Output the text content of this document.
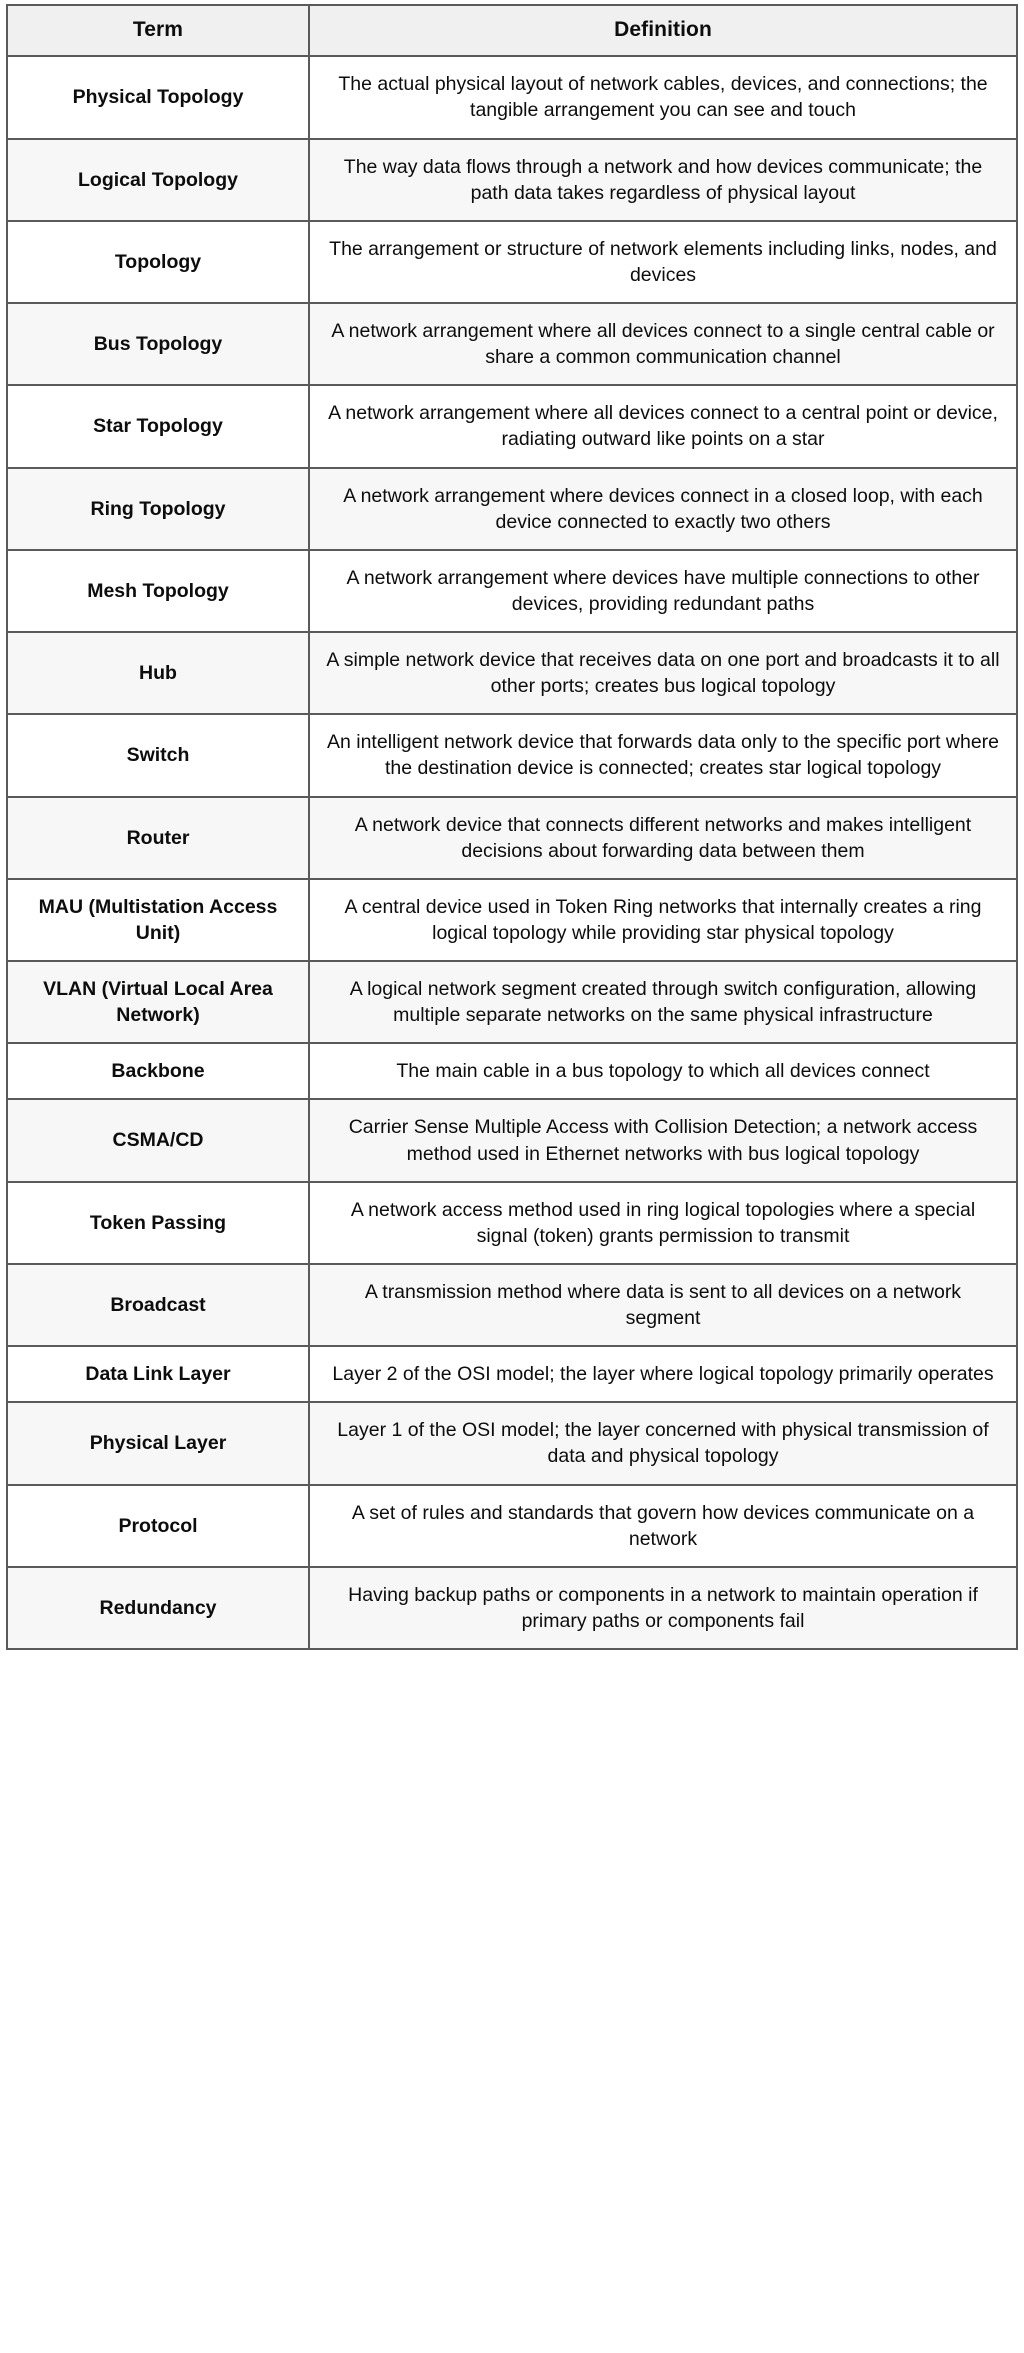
Term	Definition
Physical Topology	The actual physical layout of network cables, devices, and connections; the tangible arrangement you can see and touch
Logical Topology	The way data flows through a network and how devices communicate; the path data takes regardless of physical layout
Topology	The arrangement or structure of network elements including links, nodes, and devices
Bus Topology	A network arrangement where all devices connect to a single central cable or share a common communication channel
Star Topology	A network arrangement where all devices connect to a central point or device, radiating outward like points on a star
Ring Topology	A network arrangement where devices connect in a closed loop, with each device connected to exactly two others
Mesh Topology	A network arrangement where devices have multiple connections to other devices, providing redundant paths
Hub	A simple network device that receives data on one port and broadcasts it to all other ports; creates bus logical topology
Switch	An intelligent network device that forwards data only to the specific port where the destination device is connected; creates star logical topology
Router	A network device that connects different networks and makes intelligent decisions about forwarding data between them
MAU (Multistation Access Unit)	A central device used in Token Ring networks that internally creates a ring logical topology while providing star physical topology
VLAN (Virtual Local Area Network)	A logical network segment created through switch configuration, allowing multiple separate networks on the same physical infrastructure
Backbone	The main cable in a bus topology to which all devices connect
CSMA/CD	Carrier Sense Multiple Access with Collision Detection; a network access method used in Ethernet networks with bus logical topology
Token Passing	A network access method used in ring logical topologies where a special signal (token) grants permission to transmit
Broadcast	A transmission method where data is sent to all devices on a network segment
Data Link Layer	Layer 2 of the OSI model; the layer where logical topology primarily operates
Physical Layer	Layer 1 of the OSI model; the layer concerned with physical transmission of data and physical topology
Protocol	A set of rules and standards that govern how devices communicate on a network
Redundancy	Having backup paths or components in a network to maintain operation if primary paths or components fail
